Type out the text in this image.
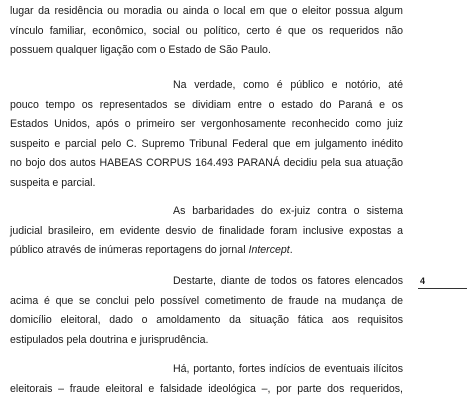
lugar da residência ou moradia ou ainda o local em que o eleitor possua algum
vínculo familiar, econômico, social ou político, certo é que os requeridos não
possuem qualquer ligação com o Estado de São Paulo.
Na verdade, como é público e notório, até
pouco tempo os representados se dividiam entre o estado do Paraná e os
Estados Unidos, após o primeiro ser vergonhosamente reconhecido como juiz
suspeito e parcial pelo C. Supremo Tribunal Federal que em julgamento inédito
no bojo dos autos HABEAS CORPUS 164.493 PARANÁ decidiu pela sua atuação
suspeita e parcial.
As barbaridades do ex-juiz contra o sistema
judicial brasileiro, em evidente desvio de finalidade foram inclusive expostas a
público através de inúmeras reportagens do jornal Intercept.
Destarte, diante de todos os fatores elencados
acima é que se conclui pelo possível cometimento de fraude na mudança de
domicílio eleitoral, dado o amoldamento da situação fática aos requisitos
estipulados pela doutrina e jurisprudência.
Há, portanto, fortes indícios de eventuais ilícitos
eleitorais – fraude eleitoral e falsidade ideológica –, por parte dos requeridos,
4
